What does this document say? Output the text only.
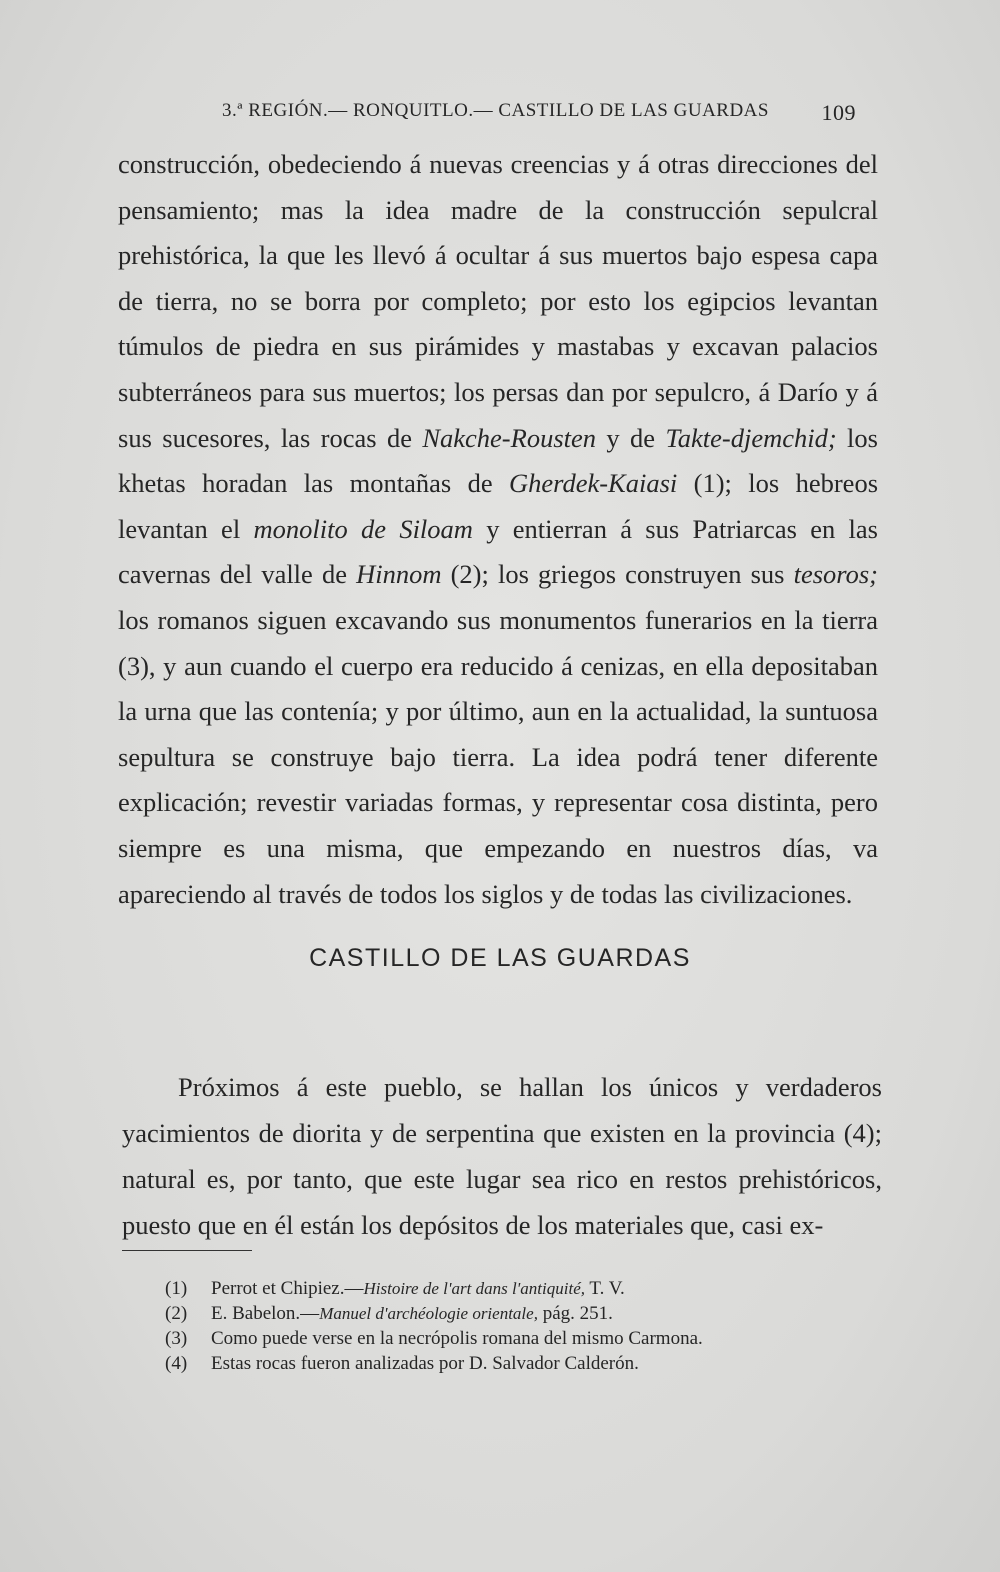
3.ª REGIÓN.— RONQUITLO.— CASTILLO DE LAS GUARDAS 109

construcción, obedeciendo á nuevas creencias y á otras direcciones del pensamiento; mas la idea madre de la construcción sepulcral prehistórica, la que les llevó á ocultar á sus muertos bajo espesa capa de tierra, no se borra por completo; por esto los egipcios levantan túmulos de piedra en sus pirámides y mastabas y excavan palacios subterráneos para sus muertos; los persas dan por sepulcro, á Darío y á sus sucesores, las rocas de Nakche-Rousten y de Takte-djemchid; los khetas horadan las montañas de Gherdek-Kaiasi (1); los hebreos levantan el monolito de Siloam y entierran á sus Patriarcas en las cavernas del valle de Hinnom (2); los griegos construyen sus tesoros; los romanos siguen excavando sus monumentos funerarios en la tierra (3), y aun cuando el cuerpo era reducido á cenizas, en ella depositaban la urna que las contenía; y por último, aun en la actualidad, la suntuosa sepultura se construye bajo tierra. La idea podrá tener diferente explicación; revestir variadas formas, y representar cosa distinta, pero siempre es una misma, que empezando en nuestros días, va apareciendo al través de todos los siglos y de todas las civilizaciones.

CASTILLO DE LAS GUARDAS

Próximos á este pueblo, se hallan los únicos y verdaderos yacimientos de diorita y de serpentina que existen en la provincia (4); natural es, por tanto, que este lugar sea rico en restos prehistóricos, puesto que en él están los depósitos de los materiales que, casi ex-

(1) Perrot et Chipiez.—Histoire de l'art dans l'antiquité, T. V.
(2) E. Babelon.—Manuel d'archéologie orientale, pág. 251.
(3) Como puede verse en la necrópolis romana del mismo Carmona.
(4) Estas rocas fueron analizadas por D. Salvador Calderón.
